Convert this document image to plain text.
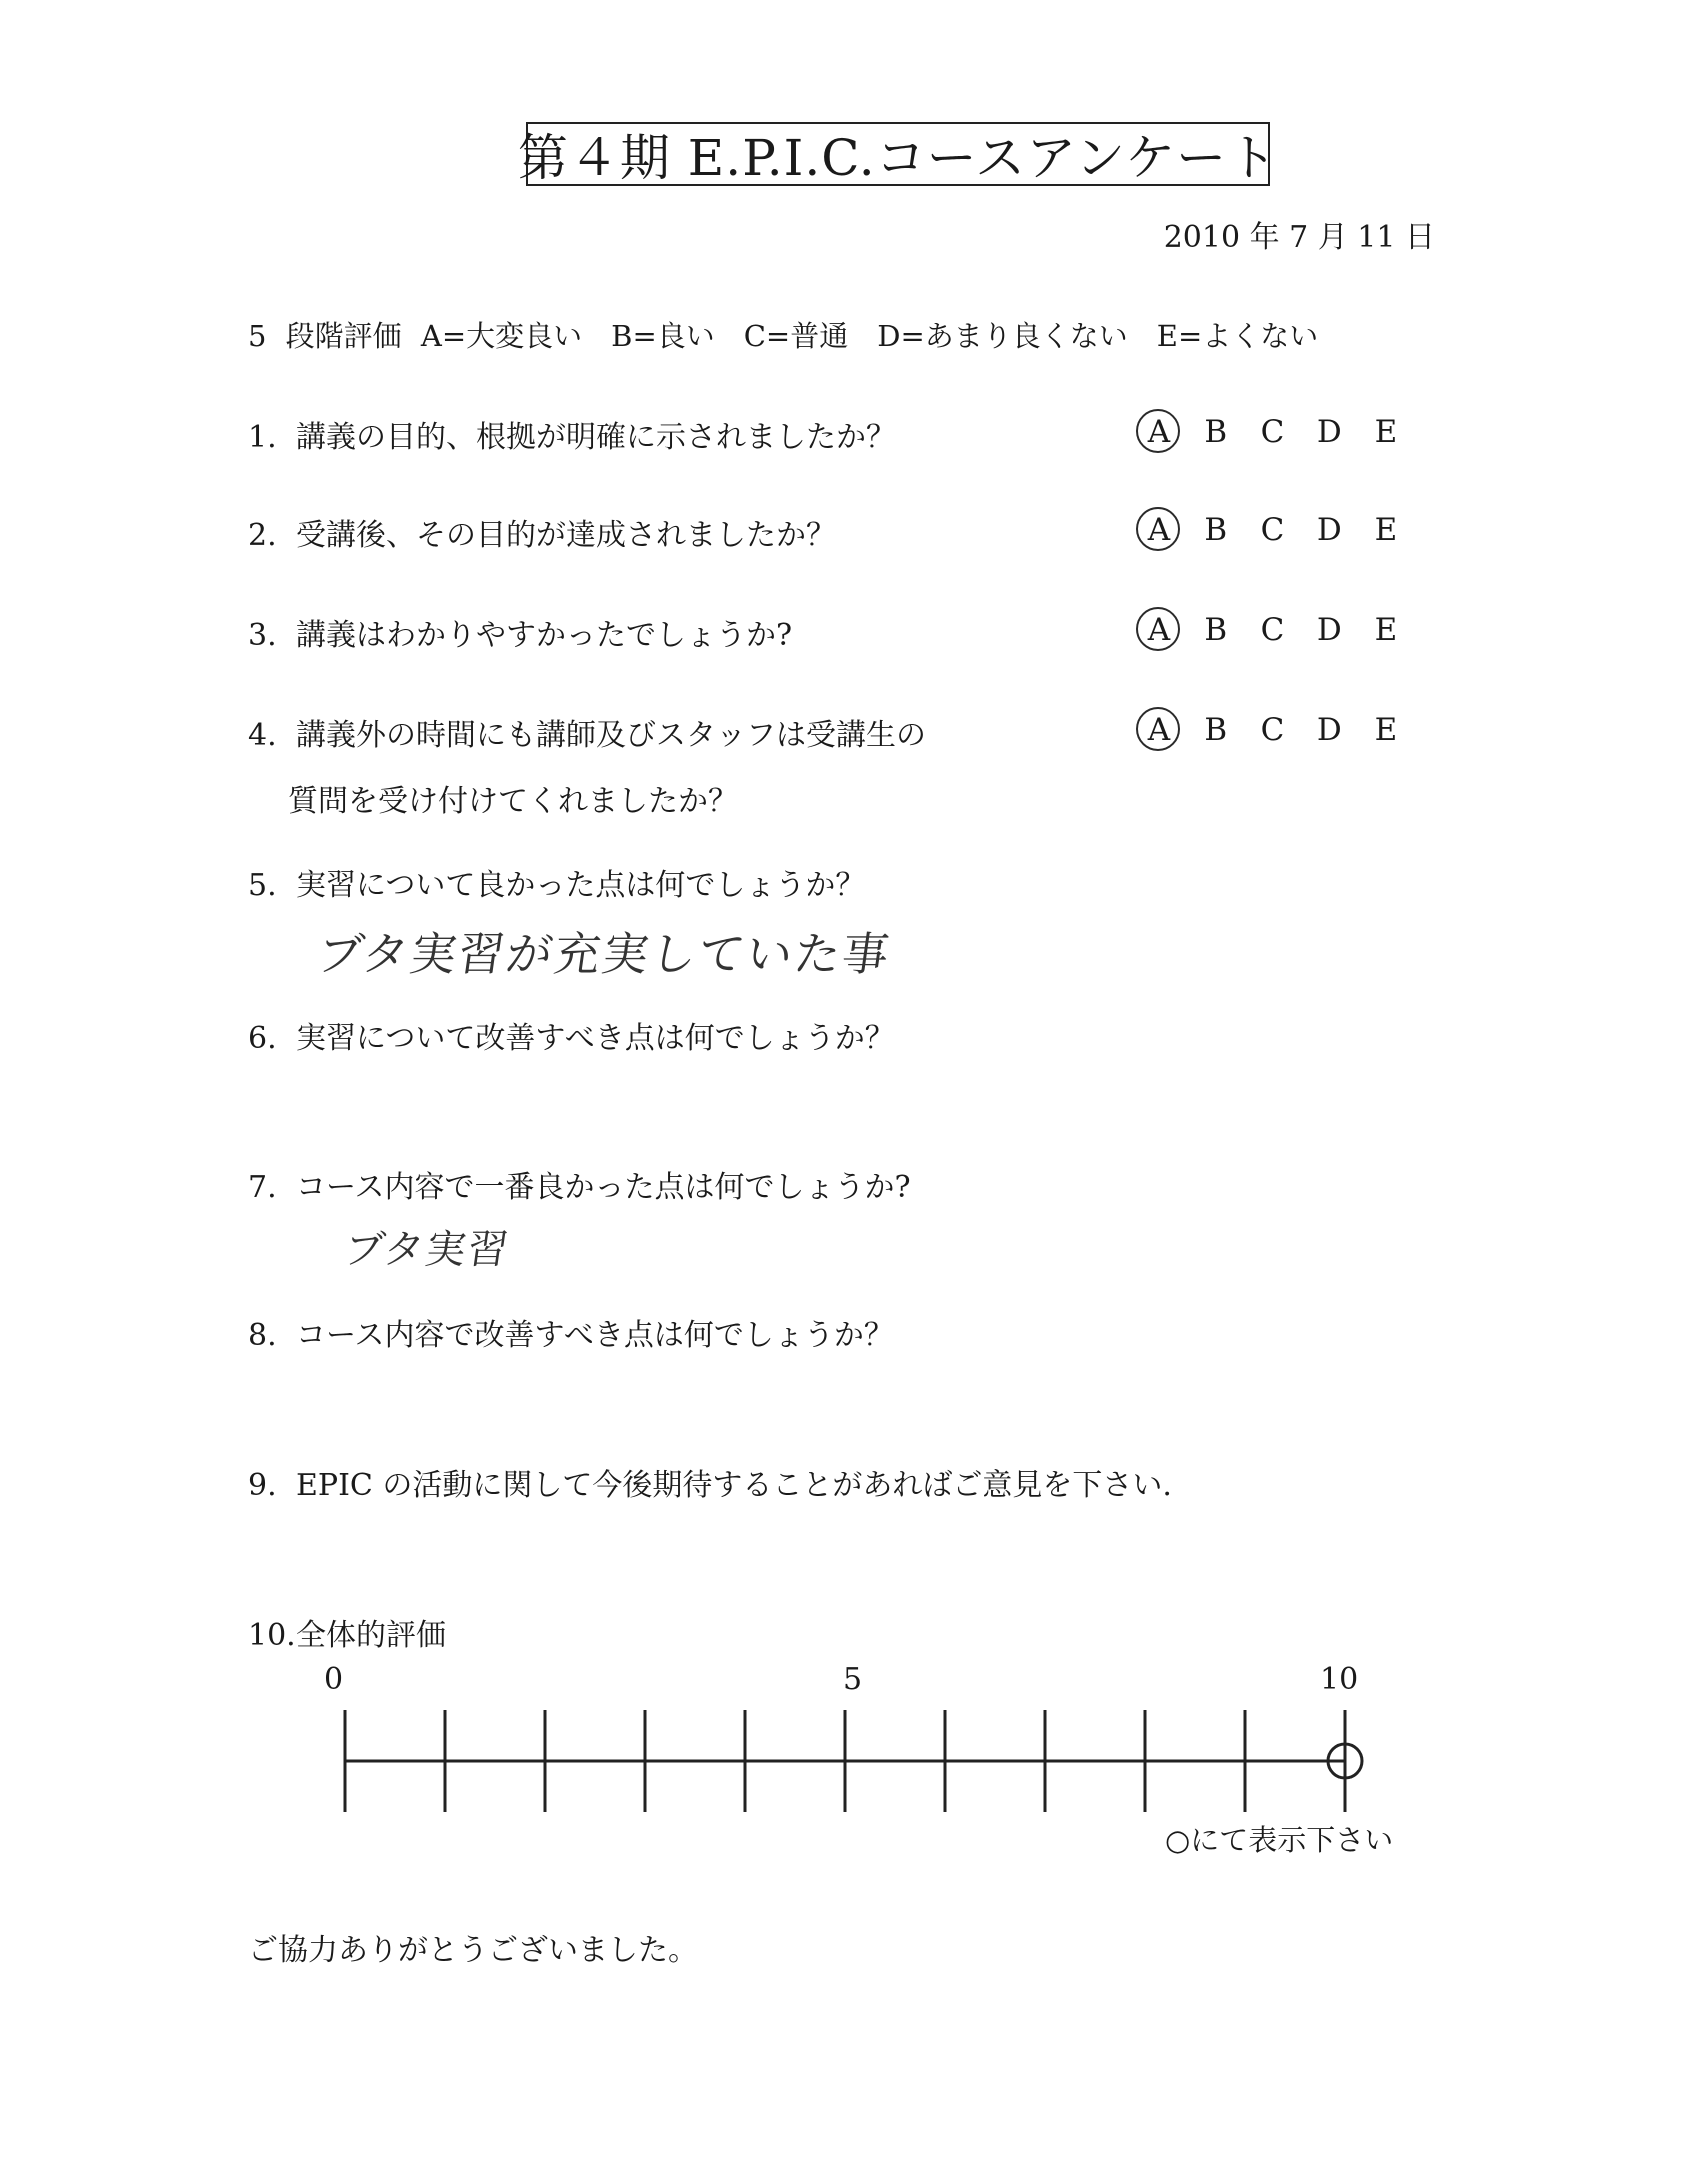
第４期 E.P.I.C.コースアンケート
2010 年 7 月 11 日
5 段階評価 A=大変良い　B=良い　C=普通　D=あまり良くない　E=よくない
1. 講義の目的、根拠が明確に示されましたか？	A B C D E
2. 受講後、その目的が達成されましたか？	A B C D E
3. 講義はわかりやすかったでしょうか?	A B C D E
4. 講義外の時間にも講師及びスタッフは受講生の
質問を受け付けてくれましたか？
A B C D E
5. 実習について良かった点は何でしょうか？
ブタ実習が充実していた事
6. 実習について改善すべき点は何でしょうか？
7. コース内容で一番良かった点は何でしょうか?
ブタ実習
8. コース内容で改善すべき点は何でしょうか？
9. EPIC の活動に関して今後期待することがあればご意見を下さい.
10.全体的評価
0	5	10
○にて表示下さい
ご協力ありがとうございました。
